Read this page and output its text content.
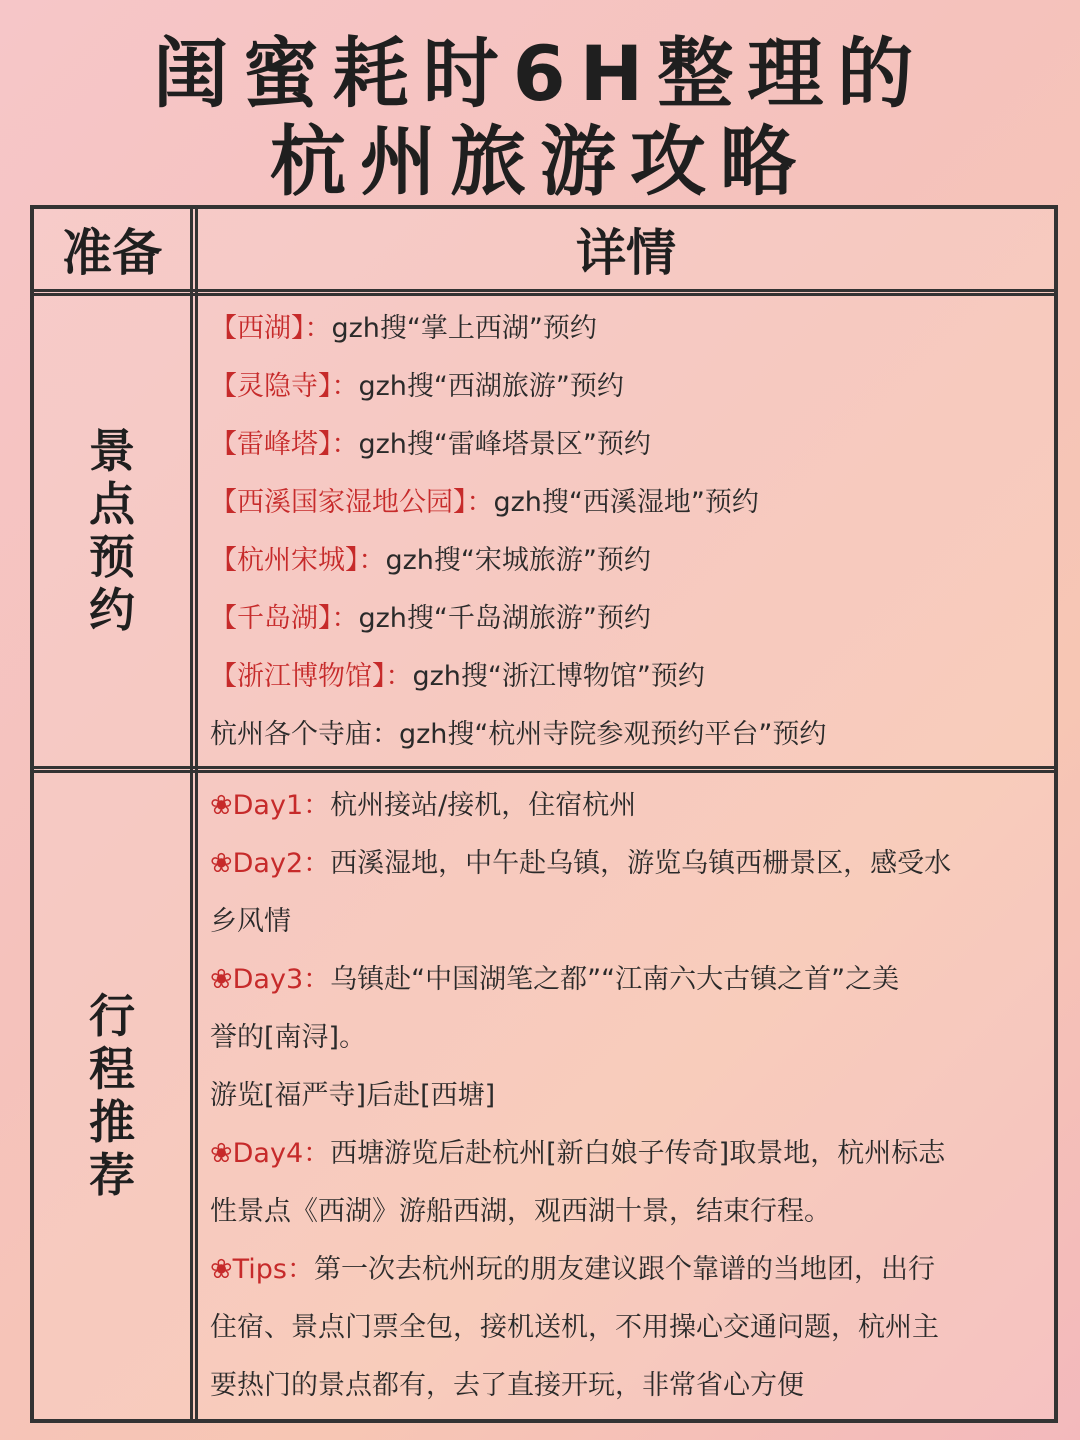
闺蜜耗时6H整理的
杭州旅游攻略
准备	详情
景点预约
【西湖】：gzh搜“掌上西湖”预约
【灵隐寺】：gzh搜“西湖旅游”预约
【雷峰塔】：gzh搜“雷峰塔景区”预约
【西溪国家湿地公园】：gzh搜“西溪湿地”预约
【杭州宋城】：gzh搜“宋城旅游”预约
【千岛湖】：gzh搜“千岛湖旅游”预约
【浙江博物馆】：gzh搜“浙江博物馆”预约
杭州各个寺庙：gzh搜“杭州寺院参观预约平台”预约
行程推荐
❀Day1：杭州接站/接机，住宿杭州
❀Day2：西溪湿地，中午赴乌镇，游览乌镇西栅景区，感受水
乡风情
❀Day3：乌镇赴“中国湖笔之都”“江南六大古镇之首”之美
誉的[南浔]。
游览[福严寺]后赴[西塘]
❀Day4：西塘游览后赴杭州[新白娘子传奇]取景地，杭州标志
性景点《西湖》游船西湖，观西湖十景，结束行程。
❀Tips：第一次去杭州玩的朋友建议跟个靠谱的当地团，出行
住宿、景点门票全包，接机送机，不用操心交通问题，杭州主
要热门的景点都有，去了直接开玩，非常省心方便
